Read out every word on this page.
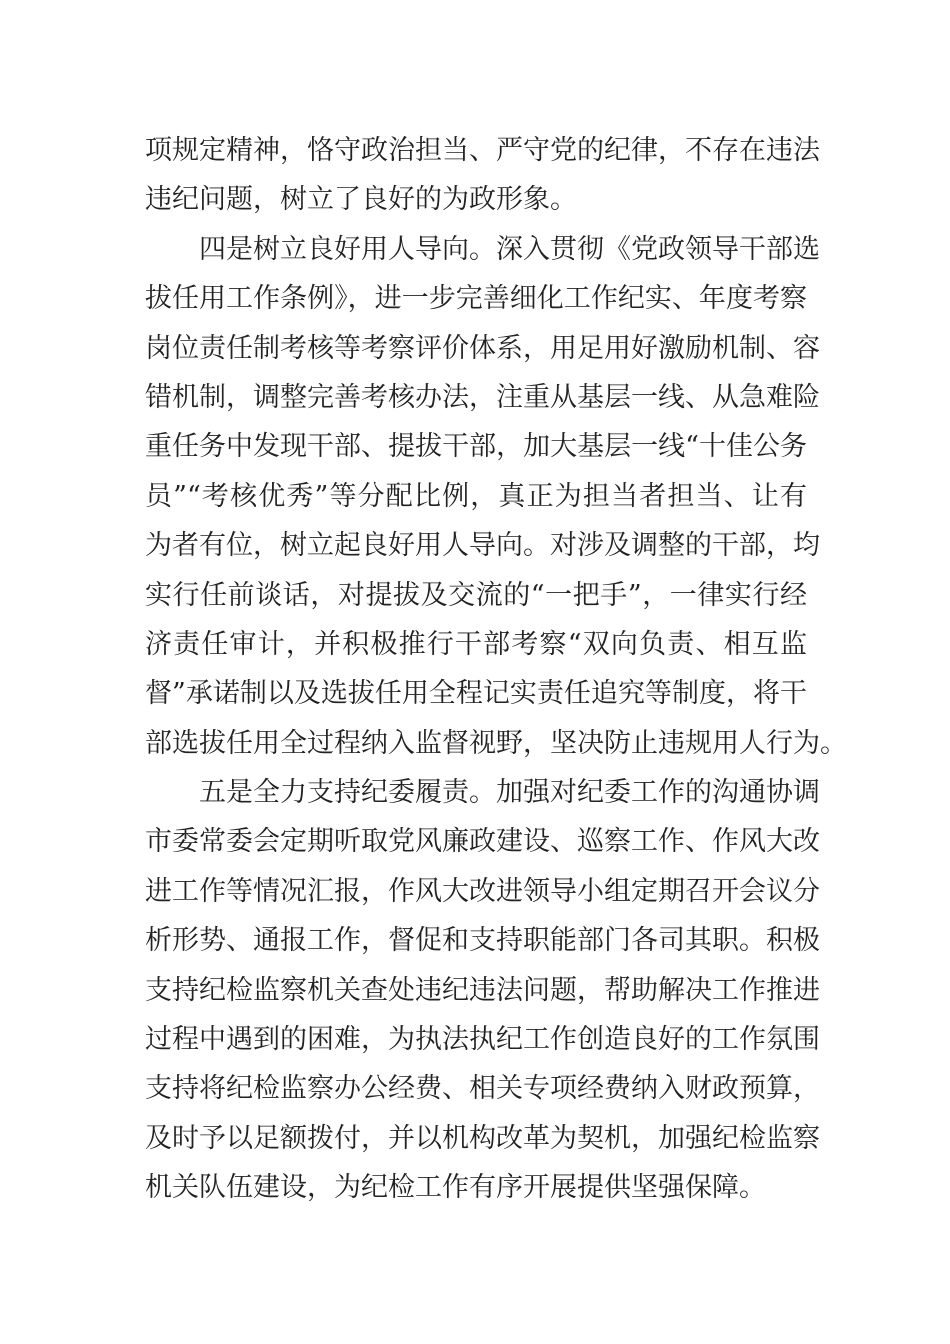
项规定精神，恪守政治担当、严守党的纪律，不存在违法
违纪问题，树立了良好的为政形象。
四是树立良好用人导向。深入贯彻《党政领导干部选
拔任用工作条例》，进一步完善细化工作纪实、年度考察
岗位责任制考核等考察评价体系，用足用好激励机制、容
错机制，调整完善考核办法，注重从基层一线、从急难险
重任务中发现干部、提拔干部，加大基层一线“十佳公务
员”“考核优秀”等分配比例，真正为担当者担当、让有
为者有位，树立起良好用人导向。对涉及调整的干部，均
实行任前谈话，对提拔及交流的“一把手”，一律实行经
济责任审计，并积极推行干部考察“双向负责、相互监
督”承诺制以及选拔任用全程记实责任追究等制度，将干
部选拔任用全过程纳入监督视野，坚决防止违规用人行为。
五是全力支持纪委履责。加强对纪委工作的沟通协调
市委常委会定期听取党风廉政建设、巡察工作、作风大改
进工作等情况汇报，作风大改进领导小组定期召开会议分
析形势、通报工作，督促和支持职能部门各司其职。积极
支持纪检监察机关查处违纪违法问题，帮助解决工作推进
过程中遇到的困难，为执法执纪工作创造良好的工作氛围
支持将纪检监察办公经费、相关专项经费纳入财政预算，
及时予以足额拨付，并以机构改革为契机，加强纪检监察
机关队伍建设，为纪检工作有序开展提供坚强保障。
